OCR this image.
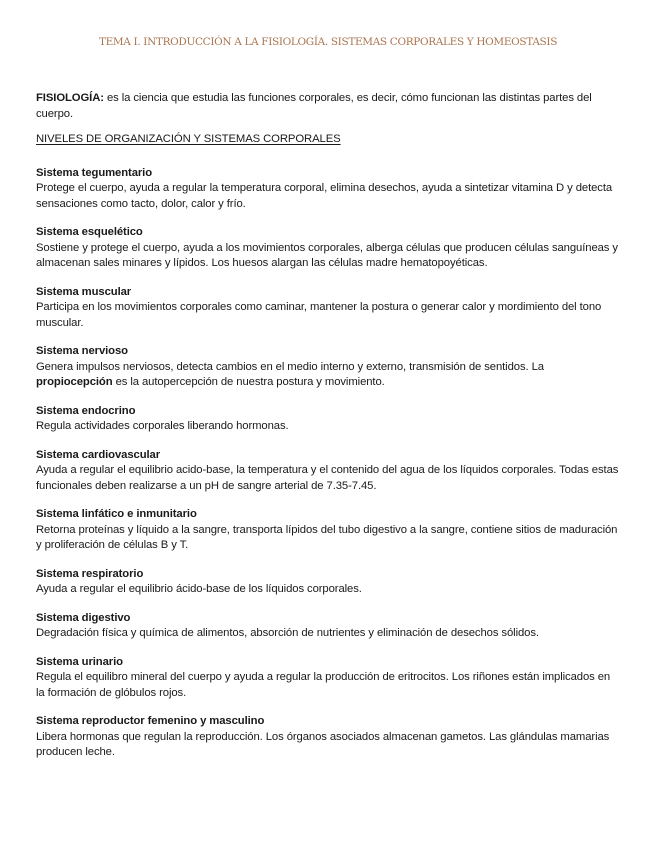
TEMA I. INTRODUCCIÓN A LA FISIOLOGÍA. SISTEMAS CORPORALES Y HOMEOSTASIS

FISIOLOGÍA: es la ciencia que estudia las funciones corporales, es decir, cómo funcionan las distintas partes del cuerpo.

NIVELES DE ORGANIZACIÓN Y SISTEMAS CORPORALES

Sistema tegumentario
Protege el cuerpo, ayuda a regular la temperatura corporal, elimina desechos, ayuda a sintetizar vitamina D y detecta sensaciones como tacto, dolor, calor y frío.
Sistema esquelético
Sostiene y protege el cuerpo, ayuda a los movimientos corporales, alberga células que producen células sanguíneas y almacenan sales minares y lípidos. Los huesos alargan las células madre hematopoyéticas.
Sistema muscular
Participa en los movimientos corporales como caminar, mantener la postura o generar calor y mordimiento del tono muscular.
Sistema nervioso
Genera impulsos nerviosos, detecta cambios en el medio interno y externo, transmisión de sentidos. La propiocepción es la autopercepción de nuestra postura y movimiento.
Sistema endocrino
Regula actividades corporales liberando hormonas.
Sistema cardiovascular
Ayuda a regular el equilibrio acido-base, la temperatura y el contenido del agua de los líquidos corporales. Todas estas funcionales deben realizarse a un pH de sangre arterial de 7.35-7.45.
Sistema linfático e inmunitario
Retorna proteínas y líquido a la sangre, transporta lípidos del tubo digestivo a la sangre, contiene sitios de maduración y proliferación de células B y T.
Sistema respiratorio
Ayuda a regular el equilibrio ácido-base de los líquidos corporales.
Sistema digestivo
Degradación física y química de alimentos, absorción de nutrientes y eliminación de desechos sólidos.
Sistema urinario
Regula el equilibro mineral del cuerpo y ayuda a regular la producción de eritrocitos. Los riñones están implicados en la formación de glóbulos rojos.
Sistema reproductor femenino y masculino
Libera hormonas que regulan la reproducción. Los órganos asociados almacenan gametos. Las glándulas mamarias producen leche.
